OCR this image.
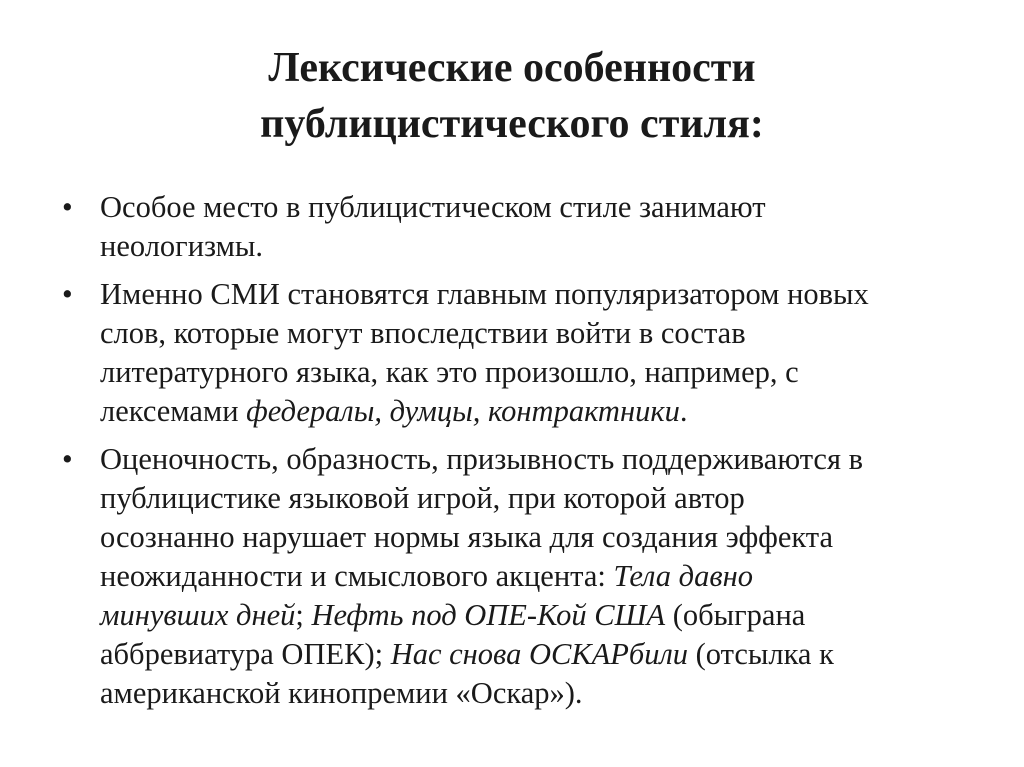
Лексические особенности
публицистического стиля:
• Особое место в публицистическом стиле занимают
неологизмы.
• Именно СМИ становятся главным популяризатором новых
слов, которые могут впоследствии войти в состав
литературного языка, как это произошло, например, с
лексемами федералы, думцы, контрактники.
• Оценочность, образность, призывность поддерживаются в
публицистике языковой игрой, при которой автор
осознанно нарушает нормы языка для создания эффекта
неожиданности и смыслового акцента: Тела давно
минувших дней; Нефть под ОПЕ-Кой США (обыграна
аббревиатура ОПЕК); Нас снова ОСКАРбили (отсылка к
американской кинопремии «Оскар»).
